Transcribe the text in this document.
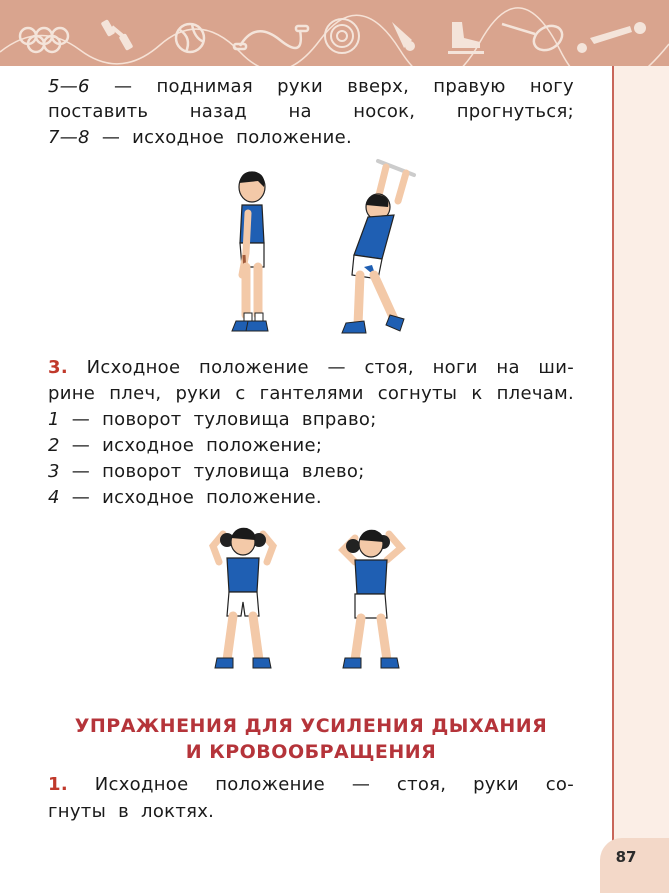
5—6 — поднимая руки вверх, правую ногу
поставить назад на носок, прогнуться;
7—8 — исходное положение.
3. Исходное положение — стоя, ноги на ши-
рине плеч, руки с гантелями согнуты к плечам.
1 — поворот туловища вправо;
2 — исходное положение;
3 — поворот туловища влево;
4 — исходное положение.
УПРАЖНЕНИЯ ДЛЯ УСИЛЕНИЯ ДЫХАНИЯ
И КРОВООБРАЩЕНИЯ
1. Исходное положение — стоя, руки со-
гнуты в локтях.
87
